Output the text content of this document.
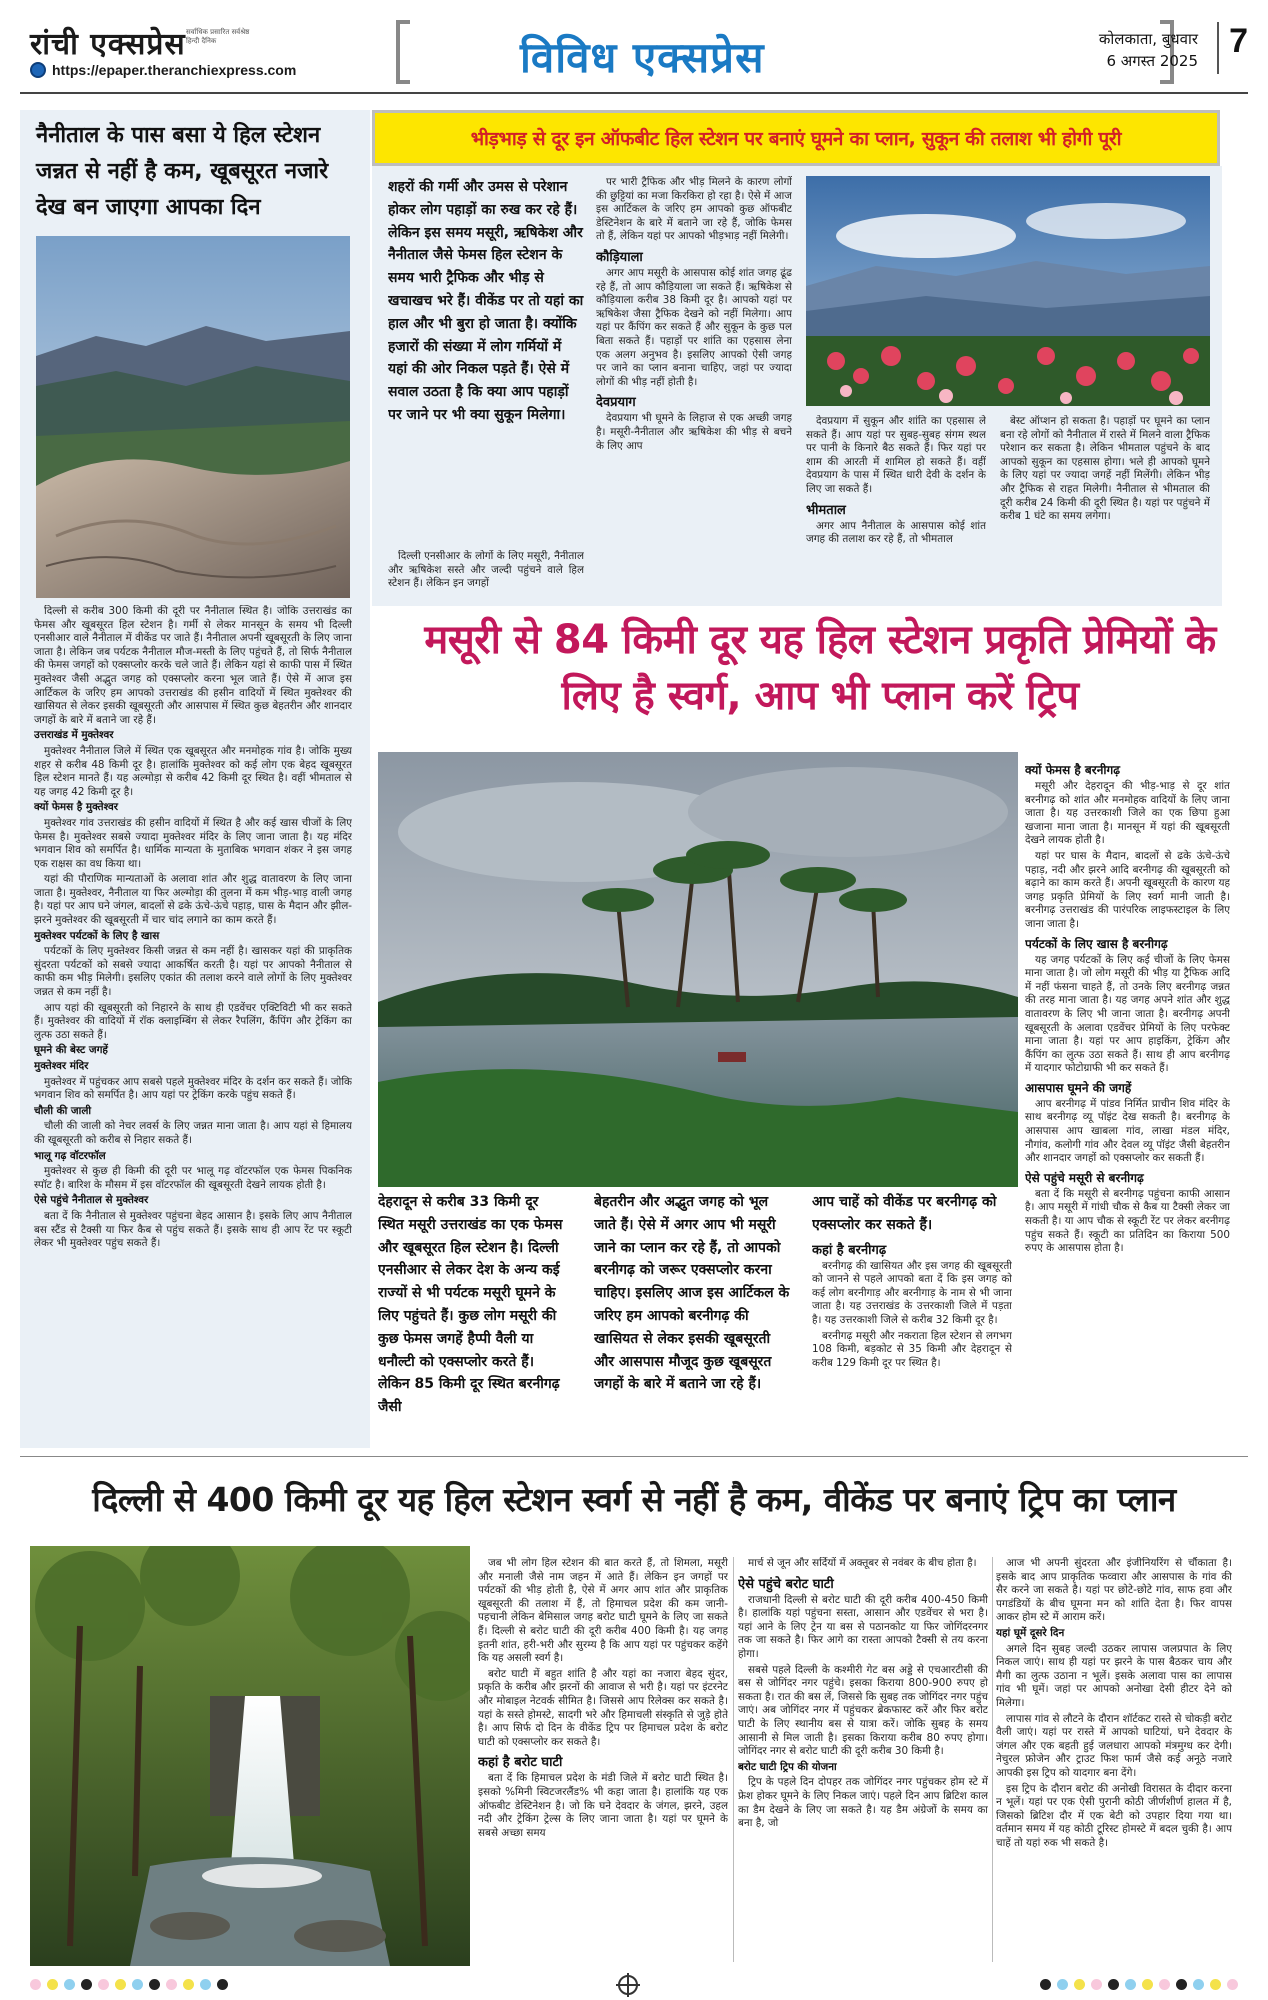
रांची एक्सप्रेस सर्वाधिक प्रसारित सर्वश्रेष्ठ हिन्दी दैनिक
https://epaper.theranchiexpress.com	विविध एक्सप्रेस	कोलकाता, बुधवार
6 अगस्त 2025
7
नैनीताल के पास बसा ये हिल स्टेशन जन्नत से नहीं है कम, खूबसूरत नजारे देख बन जाएगा आपका दिन

दिल्ली से करीब 300 किमी की दूरी पर नैनीताल स्थित है। जोकि उत्तराखंड का फेमस और खूबसूरत हिल स्टेशन है। गर्मी से लेकर मानसून के समय भी दिल्ली एनसीआर वाले नैनीताल में वीकेंड पर जाते हैं। नैनीताल अपनी खूबसूरती के लिए जाना जाता है। लेकिन जब पर्यटक नैनीताल मौज-मस्ती के लिए पहुंचते हैं, तो सिर्फ नैनीताल की फेमस जगहों को एक्सप्लोर करके चले जाते हैं। लेकिन यहां से काफी पास में स्थित मुक्तेश्वर जैसी अद्भुत जगह को एक्सप्लोर करना भूल जाते हैं। ऐसे में आज इस आर्टिकल के जरिए हम आपको उत्तराखंड की हसीन वादियों में स्थित मुक्तेश्वर की खासियत से लेकर इसकी खूबसूरती और आसपास में स्थित कुछ बेहतरीन और शानदार जगहों के बारे में बताने जा रहे हैं।

उत्तराखंड में मुक्तेश्वर

मुक्तेश्वर नैनीताल जिले में स्थित एक खूबसूरत और मनमोहक गांव है। जोकि मुख्य शहर से करीब 48 किमी दूर है। हालांकि मुक्तेश्वर को कई लोग एक बेहद खूबसूरत हिल स्टेशन मानते हैं। यह अल्मोड़ा से करीब 42 किमी दूर स्थित है। वहीं भीमताल से यह जगह 42 किमी दूर है।

क्यों फेमस है मुक्तेश्वर

मुक्तेश्वर गांव उत्तराखंड की हसीन वादियों में स्थित है और कई खास चीजों के लिए फेमस है। मुक्तेश्वर सबसे ज्यादा मुक्तेश्वर मंदिर के लिए जाना जाता है। यह मंदिर भगवान शिव को समर्पित है। धार्मिक मान्यता के मुताबिक भगवान शंकर ने इस जगह एक राक्षस का वध किया था।

यहां की पौराणिक मान्यताओं के अलावा शांत और शुद्ध वातावरण के लिए जाना जाता है। मुक्तेश्वर, नैनीताल या फिर अल्मोड़ा की तुलना में कम भीड़-भाड़ वाली जगह है। यहां पर आप घने जंगल, बादलों से ढके ऊंचे-ऊंचे पहाड़, घास के मैदान और झील-झरने मुक्तेश्वर की खूबसूरती में चार चांद लगाने का काम करते हैं।

मुक्तेश्वर पर्यटकों के लिए है खास

पर्यटकों के लिए मुक्तेश्वर किसी जन्नत से कम नहीं है। खासकर यहां की प्राकृतिक सुंदरता पर्यटकों को सबसे ज्यादा आकर्षित करती है। यहां पर आपको नैनीताल से काफी कम भीड़ मिलेगी। इसलिए एकांत की तलाश करने वाले लोगों के लिए मुक्तेश्वर जन्नत से कम नहीं है।

आप यहां की खूबसूरती को निहारने के साथ ही एडवेंचर एक्टिविटी भी कर सकते हैं। मुक्तेश्वर की वादियों में रॉक क्लाइम्बिंग से लेकर रैपलिंग, कैंपिंग और ट्रेकिंग का लुत्फ उठा सकते हैं।

घूमने की बेस्ट जगहें

मुक्तेश्वर मंदिर

मुक्तेश्वर में पहुंचकर आप सबसे पहले मुक्तेश्वर मंदिर के दर्शन कर सकते हैं। जोकि भगवान शिव को समर्पित है। आप यहां पर ट्रेकिंग करके पहुंच सकते हैं।

चौली की जाली

चौली की जाली को नेचर लवर्स के लिए जन्नत माना जाता है। आप यहां से हिमालय की खूबसूरती को करीब से निहार सकते हैं।

भालू गढ़ वॉटरफॉल

मुक्तेश्वर से कुछ ही किमी की दूरी पर भालू गढ़ वॉटरफॉल एक फेमस पिकनिक स्पॉट है। बारिश के मौसम में इस वॉटरफॉल की खूबसूरती देखने लायक होती है।

ऐसे पहुंचे नैनीताल से मुक्तेश्वर

बता दें कि नैनीताल से मुक्तेश्वर पहुंचना बेहद आसान है। इसके लिए आप नैनीताल बस स्टैंड से टैक्सी या फिर कैब से पहुंच सकते हैं। इसके साथ ही आप रेंट पर स्कूटी लेकर भी मुक्तेश्वर पहुंच सकते हैं।

भीड़भाड़ से दूर इन ऑफबीट हिल स्टेशन पर बनाएं घूमने का प्लान, सुकून की तलाश भी होगी पूरी
शहरों की गर्मी और उमस से परेशान होकर लोग पहाड़ों का रुख कर रहे हैं। लेकिन इस समय मसूरी, ऋषिकेश और नैनीताल जैसे फेमस हिल स्टेशन के समय भारी ट्रैफिक और भीड़ से खचाखच भरे हैं। वीकेंड पर तो यहां का हाल और भी बुरा हो जाता है। क्योंकि हजारों की संख्या में लोग गर्मियों में यहां की ओर निकल पड़ते हैं। ऐसे में सवाल उठता है कि क्या आप पहाड़ों पर जाने पर भी क्या सुकून मिलेगा।

दिल्ली एनसीआर के लोगों के लिए मसूरी, नैनीताल और ऋषिकेश सस्ते और जल्दी पहुंचने वाले हिल स्टेशन हैं। लेकिन इन जगहों

पर भारी ट्रैफिक और भीड़ मिलने के कारण लोगों की छुट्टियां का मजा किरकिरा हो रहा है। ऐसे में आज इस आर्टिकल के जरिए हम आपको कुछ ऑफबीट डेस्टिनेशन के बारे में बताने जा रहे हैं, जोकि फेमस तो हैं, लेकिन यहां पर आपको भीड़भाड़ नहीं मिलेगी।

कौड़ियाला

अगर आप मसूरी के आसपास कोई शांत जगह ढूंढ रहे हैं, तो आप कौड़ियाला जा सकते हैं। ऋषिकेश से कौड़ियाला करीब 38 किमी दूर है। आपको यहां पर ऋषिकेश जैसा ट्रैफिक देखने को नहीं मिलेगा। आप यहां पर कैंपिंग कर सकते हैं और सुकून के कुछ पल बिता सकते हैं। पहाड़ों पर शांति का एहसास लेना एक अलग अनुभव है। इसलिए आपको ऐसी जगह पर जाने का प्लान बनाना चाहिए, जहां पर ज्यादा लोगों की भीड़ नहीं होती है।

देवप्रयाग

देवप्रयाग भी घूमने के लिहाज से एक अच्छी जगह है। मसूरी-नैनीताल और ऋषिकेश की भीड़ से बचने के लिए आप

देवप्रयाग में सुकून और शांति का एहसास ले सकते हैं। आप यहां पर सुबह-सुबह संगम स्थल पर पानी के किनारे बैठ सकते हैं। फिर यहां पर शाम की आरती में शामिल हो सकते हैं। वहीं देवप्रयाग के पास में स्थित धारी देवी के दर्शन के लिए जा सकते हैं।

भीमताल

अगर आप नैनीताल के आसपास कोई शांत जगह की तलाश कर रहे हैं, तो भीमताल

बेस्ट ऑप्शन हो सकता है। पहाड़ों पर घूमने का प्लान बना रहे लोगों को नैनीताल में रास्ते में मिलने वाला ट्रैफिक परेशान कर सकता है। लेकिन भीमताल पहुंचने के बाद आपको सुकून का एहसास होगा। भले ही आपको घूमने के लिए यहां पर ज्यादा जगहें नहीं मिलेंगी। लेकिन भीड़ और ट्रैफिक से राहत मिलेगी। नैनीताल से भीमताल की दूरी करीब 24 किमी की दूरी स्थित है। यहां पर पहुंचने में करीब 1 घंटे का समय लगेगा।

मसूरी से 84 किमी दूर यह हिल स्टेशन प्रकृति प्रेमियों के लिए है स्वर्ग, आप भी प्लान करें ट्रिप
देहरादून से करीब 33 किमी दूर स्थित मसूरी उत्तराखंड का एक फेमस और खूबसूरत हिल स्टेशन है। दिल्ली एनसीआर से लेकर देश के अन्य कई राज्यों से भी पर्यटक मसूरी घूमने के लिए पहुंचते हैं। कुछ लोग मसूरी की कुछ फेमस जगहें हैप्पी वैली या धनौल्टी को एक्सप्लोर करते हैं। लेकिन 85 किमी दूर स्थित बरनीगढ़ जैसी
बेहतरीन और अद्भुत जगह को भूल जाते हैं। ऐसे में अगर आप भी मसूरी जाने का प्लान कर रहे हैं, तो आपको बरनीगढ़ को जरूर एक्सप्लोर करना चाहिए। इसलिए आज इस आर्टिकल के जरिए हम आपको बरनीगढ़ की खासियत से लेकर इसकी खूबसूरती और आसपास मौजूद कुछ खूबसूरत जगहों के बारे में बताने जा रहे हैं।
आप चाहें को वीकेंड पर बरनीगढ़ को एक्सप्लोर कर सकते हैं।
कहां है बरनीगढ़

बरनीगढ़ की खासियत और इस जगह की खूबसूरती को जानने से पहले आपको बता दें कि इस जगह को कई लोग बरनीगाड़ और बरनीगाड़ के नाम से भी जाना जाता है। यह उत्तराखंड के उत्तरकाशी जिले में पड़ता है। यह उत्तरकाशी जिले से करीब 32 किमी दूर है।

बरनीगढ़ मसूरी और नकराता हिल स्टेशन से लगभग 108 किमी, बड़कोट से 35 किमी और देहरादून से करीब 129 किमी दूर पर स्थित है।

क्यों फेमस है बरनीगढ़

मसूरी और देहरादून की भीड़-भाड़ से दूर शांत बरनीगढ़ को शांत और मनमोहक वादियों के लिए जाना जाता है। यह उत्तरकाशी जिले का एक छिपा हुआ खजाना माना जाता है। मानसून में यहां की खूबसूरती देखने लायक होती है।

यहां पर घास के मैदान, बादलों से ढके ऊंचे-ऊंचे पहाड़, नदी और झरने आदि बरनीगढ़ की खूबसूरती को बढ़ाने का काम करते हैं। अपनी खूबसूरती के कारण यह जगह प्रकृति प्रेमियों के लिए स्वर्ग मानी जाती है। बरनीगढ़ उत्तराखंड की पारंपरिक लाइफस्टाइल के लिए जाना जाता है।

पर्यटकों के लिए खास है बरनीगढ़

यह जगह पर्यटकों के लिए कई चीजों के लिए फेमस माना जाता है। जो लोग मसूरी की भीड़ या ट्रैफिक आदि में नहीं फंसना चाहते हैं, तो उनके लिए बरनीगढ़ जन्नत की तरह माना जाता है। यह जगह अपने शांत और शुद्ध वातावरण के लिए भी जाना जाता है। बरनीगढ़ अपनी खूबसूरती के अलावा एडवेंचर प्रेमियों के लिए परफेक्ट माना जाता है। यहां पर आप हाइकिंग, ट्रेकिंग और कैंपिंग का लुत्फ उठा सकते हैं। साथ ही आप बरनीगढ़ में यादगार फोटोग्राफी भी कर सकते हैं।

आसपास घूमने की जगहें

आप बरनीगढ़ में पांडव निर्मित प्राचीन शिव मंदिर के साथ बरनीगढ़ व्यू पॉइंट देख सकती है। बरनीगढ़ के आसपास आप खाबला गांव, लाखा मंडल मंदिर, नौगांव, कलोगी गांव और देवल व्यू पॉइंट जैसी बेहतरीन और शानदार जगहों को एक्सप्लोर कर सकती हैं।

ऐसे पहुंचे मसूरी से बरनीगढ़

बता दें कि मसूरी से बरनीगढ़ पहुंचना काफी आसान है। आप मसूरी में गांधी चौक से कैब या टैक्सी लेकर जा सकती है। या आप चौक से स्कूटी रेंट पर लेकर बरनीगढ़ पहुंच सकते हैं। स्कूटी का प्रतिदिन का किराया 500 रुपए के आसपास होता है।

दिल्ली से 400 किमी दूर यह हिल स्टेशन स्वर्ग से नहीं है कम, वीकेंड पर बनाएं ट्रिप का प्लान

जब भी लोग हिल स्टेशन की बात करते हैं, तो शिमला, मसूरी और मनाली जैसे नाम जहन में आते हैं। लेकिन इन जगहों पर पर्यटकों की भीड़ होती है, ऐसे में अगर आप शांत और प्राकृतिक खूबसूरती की तलाश में हैं, तो हिमाचल प्रदेश की कम जानी-पहचानी लेकिन बेमिसाल जगह बरोट घाटी घूमने के लिए जा सकते हैं। दिल्ली से बरोट घाटी की दूरी करीब 400 किमी है। यह जगह इतनी शांत, हरी-भरी और सुरम्य है कि आप यहां पर पहुंचकर कहेंगे कि यह असली स्वर्ग है।

बरोट घाटी में बहुत शांति है और यहां का नजारा बेहद सुंदर, प्रकृति के करीब और झरनों की आवाज से भरी है। यहां पर इंटरनेट और मोबाइल नेटवर्क सीमित है। जिससे आप रिलेक्स कर सकते है। यहां के सस्ते होमस्टे, सादगी भरे और हिमाचली संस्कृति से जुड़े होते है। आप सिर्फ दो दिन के वीकेंड ट्रिप पर हिमाचल प्रदेश के बरोट घाटी को एक्सप्लोर कर सकते है।

कहां है बरोट घाटी

बता दें कि हिमाचल प्रदेश के मंडी जिले में बरोट घाटी स्थित है। इसको %मिनी स्विटजरलैंड% भी कहा जाता है। हालांकि यह एक ऑफबीट डेस्टिनेशन है। जो कि घने देवदार के जंगल, झरने, उहल नदी और ट्रेकिंग ट्रेल्स के लिए जाना जाता है। यहां पर घूमने के सबसे अच्छा समय

मार्च से जून और सर्दियों में अक्तूबर से नवंबर के बीच होता है।

ऐसे पहुंचे बरोट घाटी

राजधानी दिल्ली से बरोट घाटी की दूरी करीब 400-450 किमी है। हालांकि यहां पहुंचना सस्ता, आसान और एडवेंचर से भरा है। यहां आने के लिए ट्रेन या बस से पठानकोट या फिर जोगिंदरनगर तक जा सकते है। फिर आगे का रास्ता आपको टैक्सी से तय करना होगा।

सबसे पहले दिल्ली के कश्मीरी गेट बस अड्डे से एचआरटीसी की बस से जोगिंदर नगर पहुंचे। इसका किराया 800-900 रुपए हो सकता है। रात की बस लें, जिससे कि सुबह तक जोगिंदर नगर पहुंच जाएं। अब जोगिंदर नगर में पहुंचकर ब्रेकफास्ट करें और फिर बरोट घाटी के लिए स्थानीय बस से यात्रा करें। जोकि सुबह के समय आसानी से मिल जाती है। इसका किराया करीब 80 रुपए होगा। जोगिंदर नगर से बरोट घाटी की दूरी करीब 30 किमी है।

बरोट घाटी ट्रिप की योजना

ट्रिप के पहले दिन दोपहर तक जोगिंदर नगर पहुंचकर होम स्टे में फ्रेश होकर घूमने के लिए निकल जाएं। पहले दिन आप ब्रिटिश काल का डैम देखने के लिए जा सकते है। यह डैम अंग्रेजों के समय का बना है, जो

आज भी अपनी सुंदरता और इंजीनियरिंग से चौंकाता है। इसके बाद आप प्राकृतिक फव्वारा और आसपास के गांव की सैर करने जा सकते है। यहां पर छोटे-छोटे गांव, साफ हवा और पगडंडियों के बीच घूमना मन को शांति देता है। फिर वापस आकर होम स्टे में आराम करें।

यहां घूमें दूसरे दिन

अगले दिन सुबह जल्दी उठकर लापास जलप्रपात के लिए निकल जाएं। साथ ही यहां पर झरने के पास बैठकर चाय और मैगी का लुत्फ उठाना न भूलें। इसके अलावा पास का लापास गांव भी घूमें। जहां पर आपको अनोखा देसी हीटर देने को मिलेगा।

लापास गांव से लौटने के दौरान शॉर्टकट रास्ते से चोकड़ी बरोट वैली जाएं। यहां पर रास्ते में आपको घाटियां, घने देवदार के जंगल और एक बहती हुई जलधारा आपको मंत्रमुग्ध कर देगी। नेचुरल फ्रोजेन और ट्राउट फिश फार्म जैसे कई अनूठे नजारे आपकी इस ट्रिप को यादगार बना देंगे।

इस ट्रिप के दौरान बरोट की अनोखी विरासत के दीदार करना न भूलें। यहां पर एक ऐसी पुरानी कोठी जीर्णशीर्ण हालत में है, जिसको ब्रिटिश दौर में एक बेटी को उपहार दिया गया था। वर्तमान समय में यह कोठी टूरिस्ट होमस्टे में बदल चुकी है। आप चाहें तो यहां रुक भी सकते है।
